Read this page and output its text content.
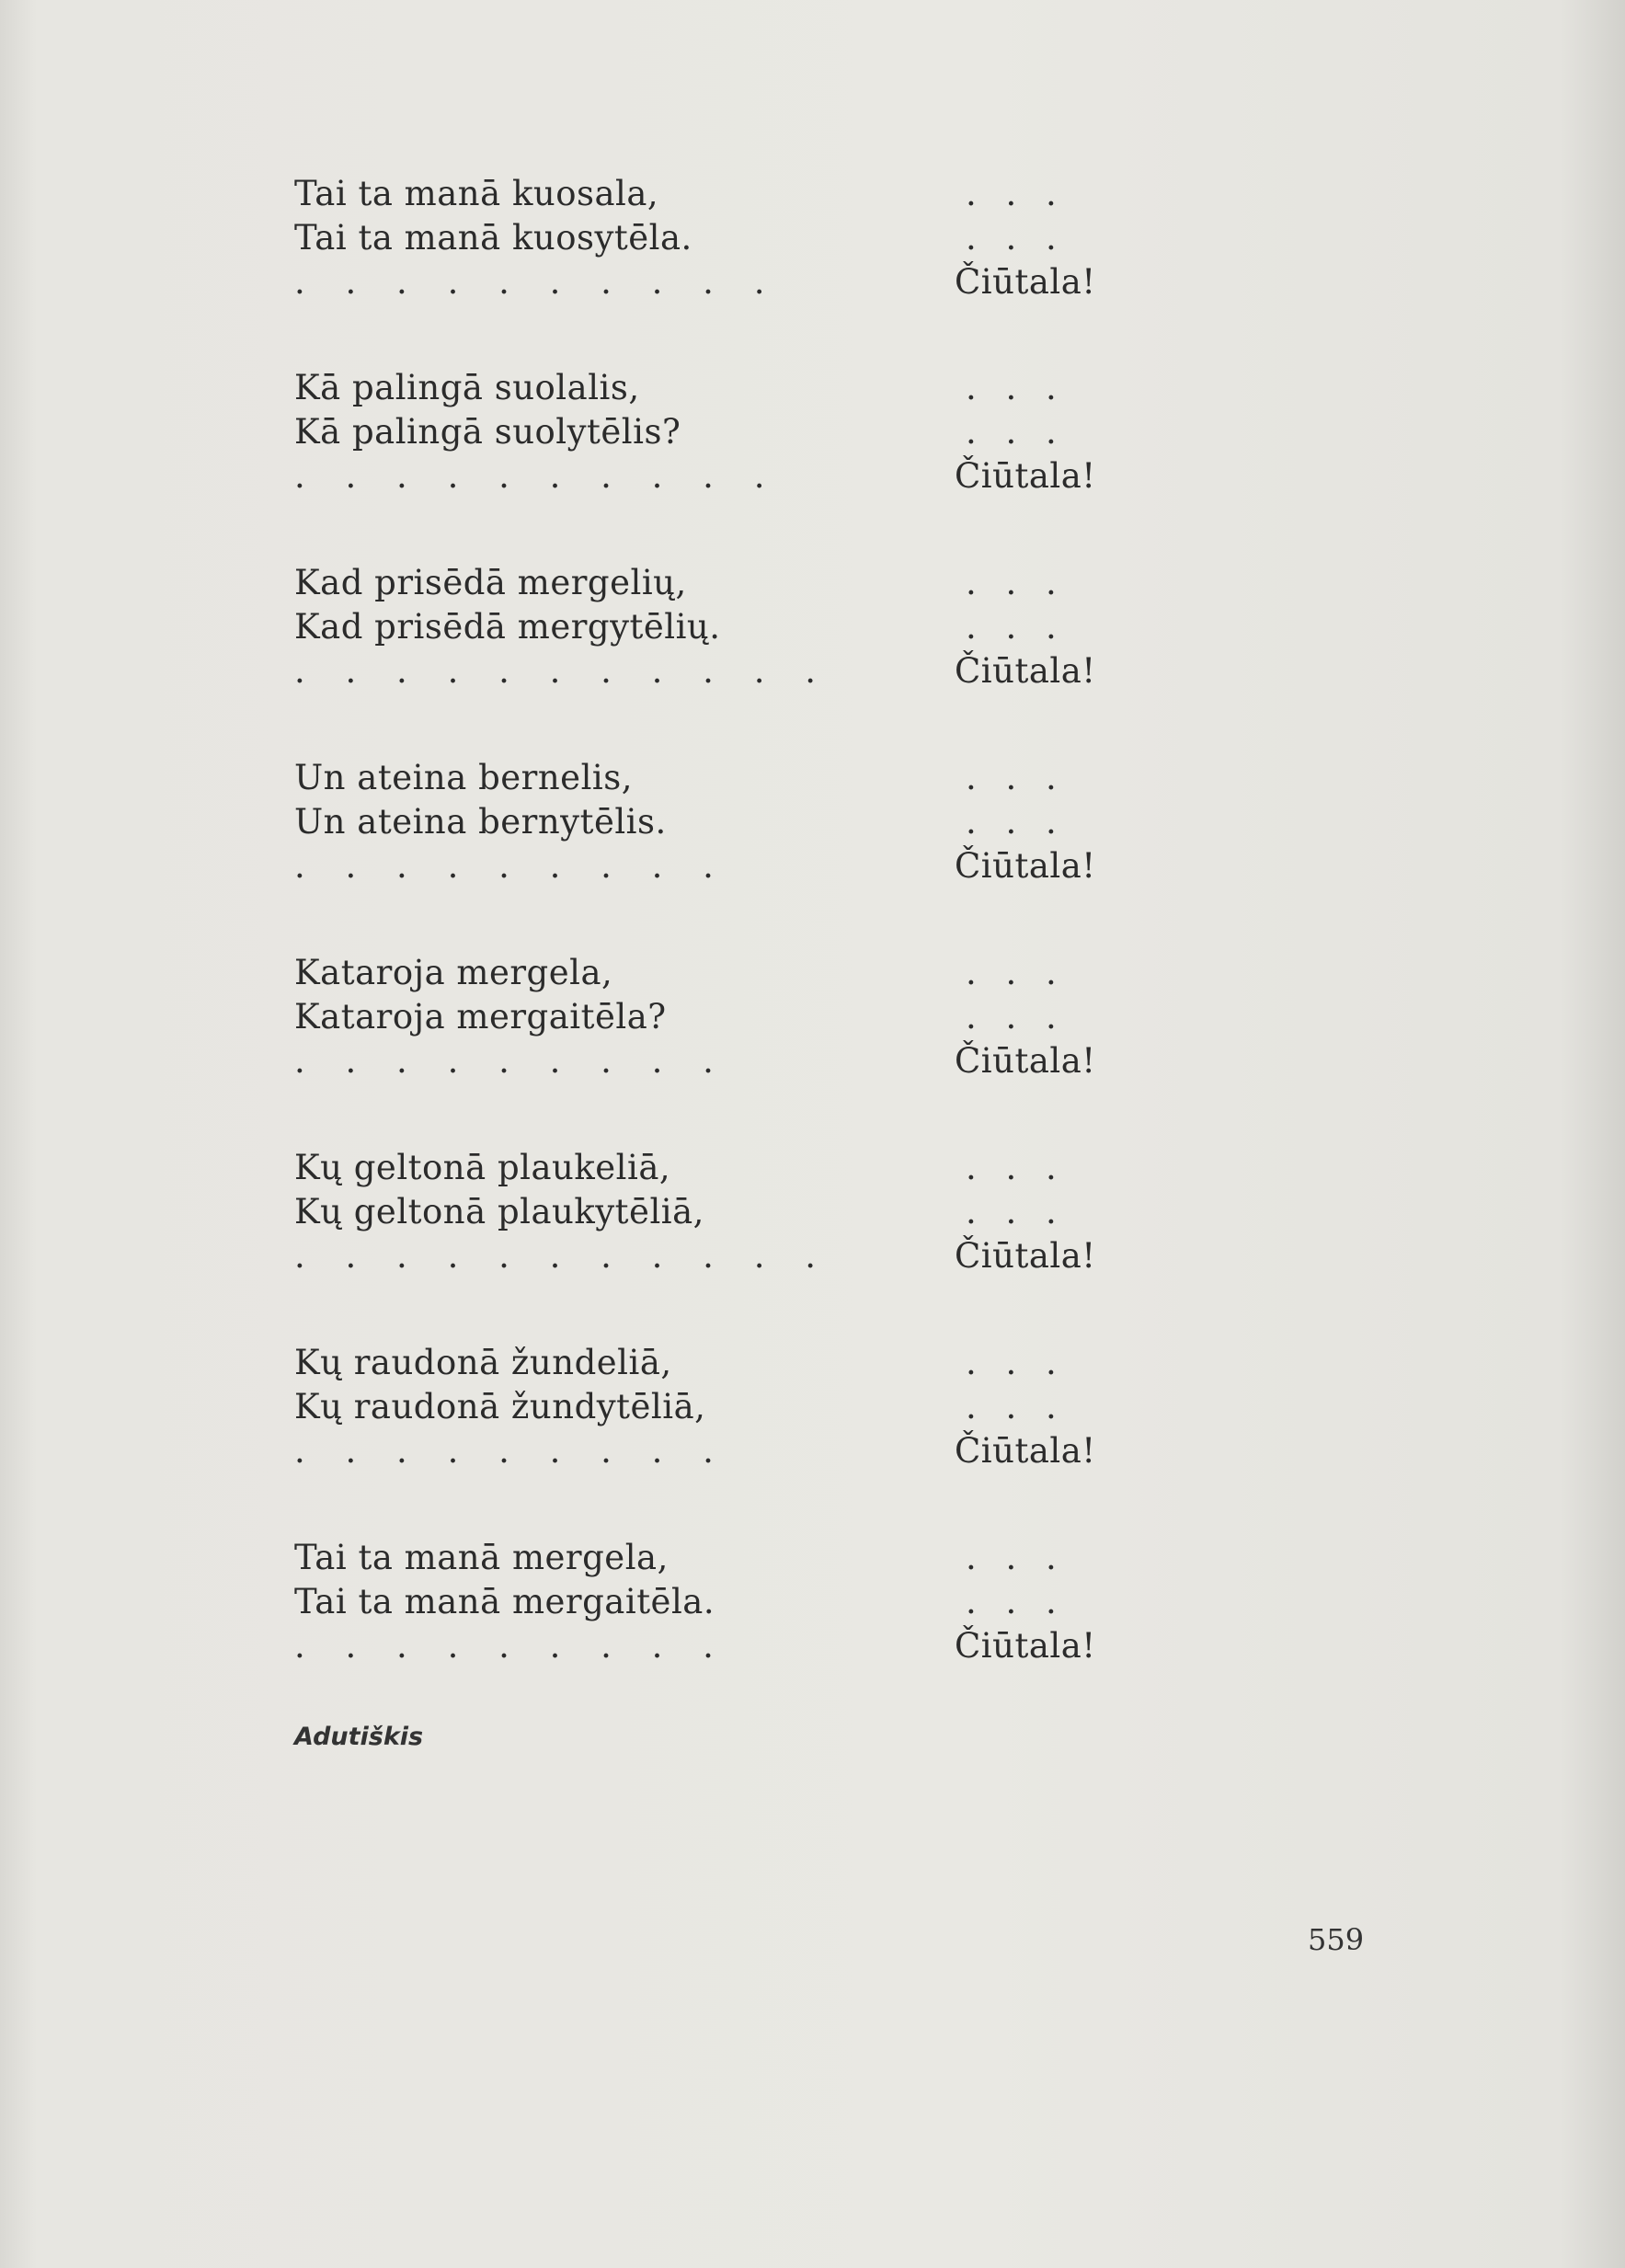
Tai ta manā kuosala,	. . .
Tai ta manā kuosytēla.	. . .
. . . . . . . . . .	Čiūtala!
Kā palingā suolalis,	. . .
Kā palingā suolytēlis?	. . .
. . . . . . . . . .	Čiūtala!
Kad prisēdā mergelių,	. . .
Kad prisēdā mergytēlių.	. . .
. . . . . . . . . . .	Čiūtala!
Un ateina bernelis,	. . .
Un ateina bernytēlis.	. . .
. . . . . . . . .	Čiūtala!
Kataroja mergela,	. . .
Kataroja mergaitēla?	. . .
. . . . . . . . .	Čiūtala!
Kų geltonā plaukeliā,	. . .
Kų geltonā plaukytēliā,	. . .
. . . . . . . . . . .	Čiūtala!
Kų raudonā žundeliā,	. . .
Kų raudonā žundytēliā,	. . .
. . . . . . . . .	Čiūtala!
Tai ta manā mergela,	. . .
Tai ta manā mergaitēla.	. . .
. . . . . . . . .	Čiūtala!
Adutiškis
559
